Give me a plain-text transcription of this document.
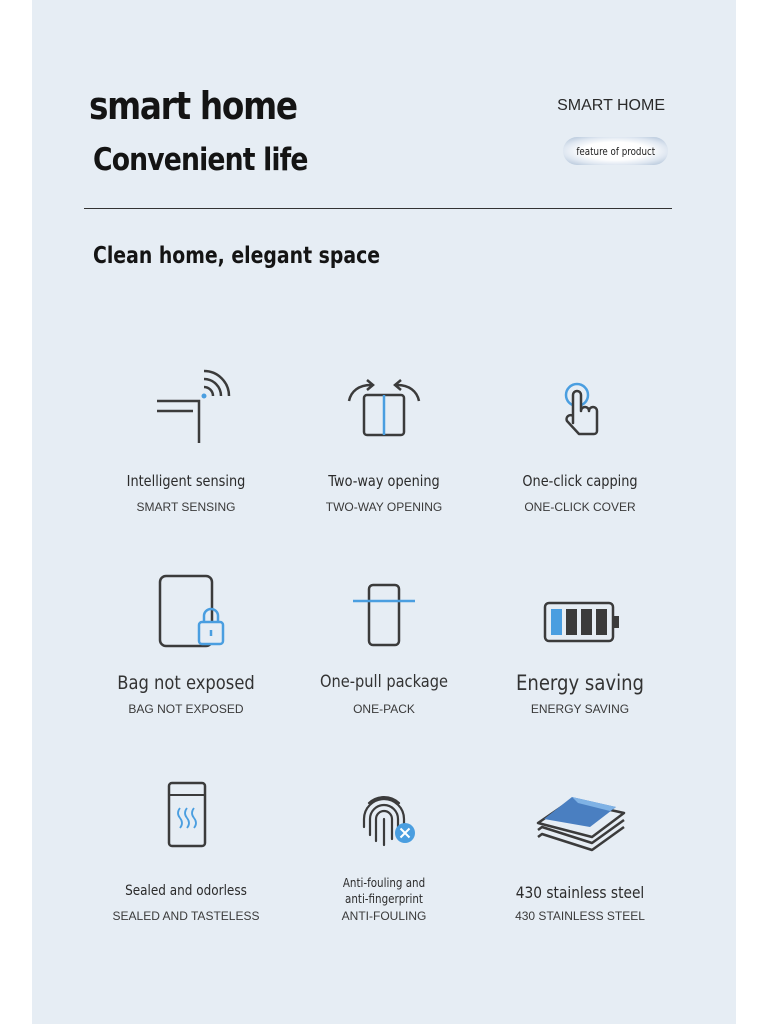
smart home
Convenient life
SMART HOME
feature of product
Clean home, elegant space
Intelligent sensing
SMART SENSING
Two-way opening
TWO-WAY OPENING
One-click capping
ONE-CLICK COVER
Bag not exposed
BAG NOT EXPOSED
One-pull package
ONE-PACK
Energy saving
ENERGY SAVING
Sealed and odorless
SEALED AND TASTELESS
Anti-fouling and
anti-fingerprint
ANTI-FOULING
430 stainless steel
430 STAINLESS STEEL
